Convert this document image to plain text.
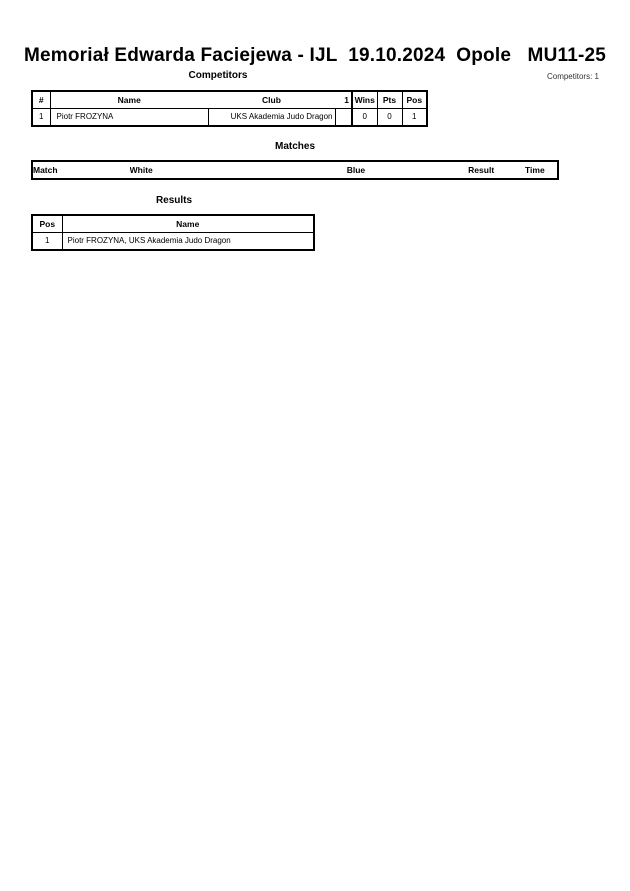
Memoriał Edwarda Faciejewa - IJL  19.10.2024  Opole   MU11-25
Competitors	Competitors: 1
#	Name	Club	1	Wins	Pts	Pos
1	Piotr FROZYNA	UKS Akademia Judo Dragon		0	0	1
Matches
Match	White	Blue	Result	Time
Results
Pos	Name
1	Piotr FROZYNA, UKS Akademia Judo Dragon
